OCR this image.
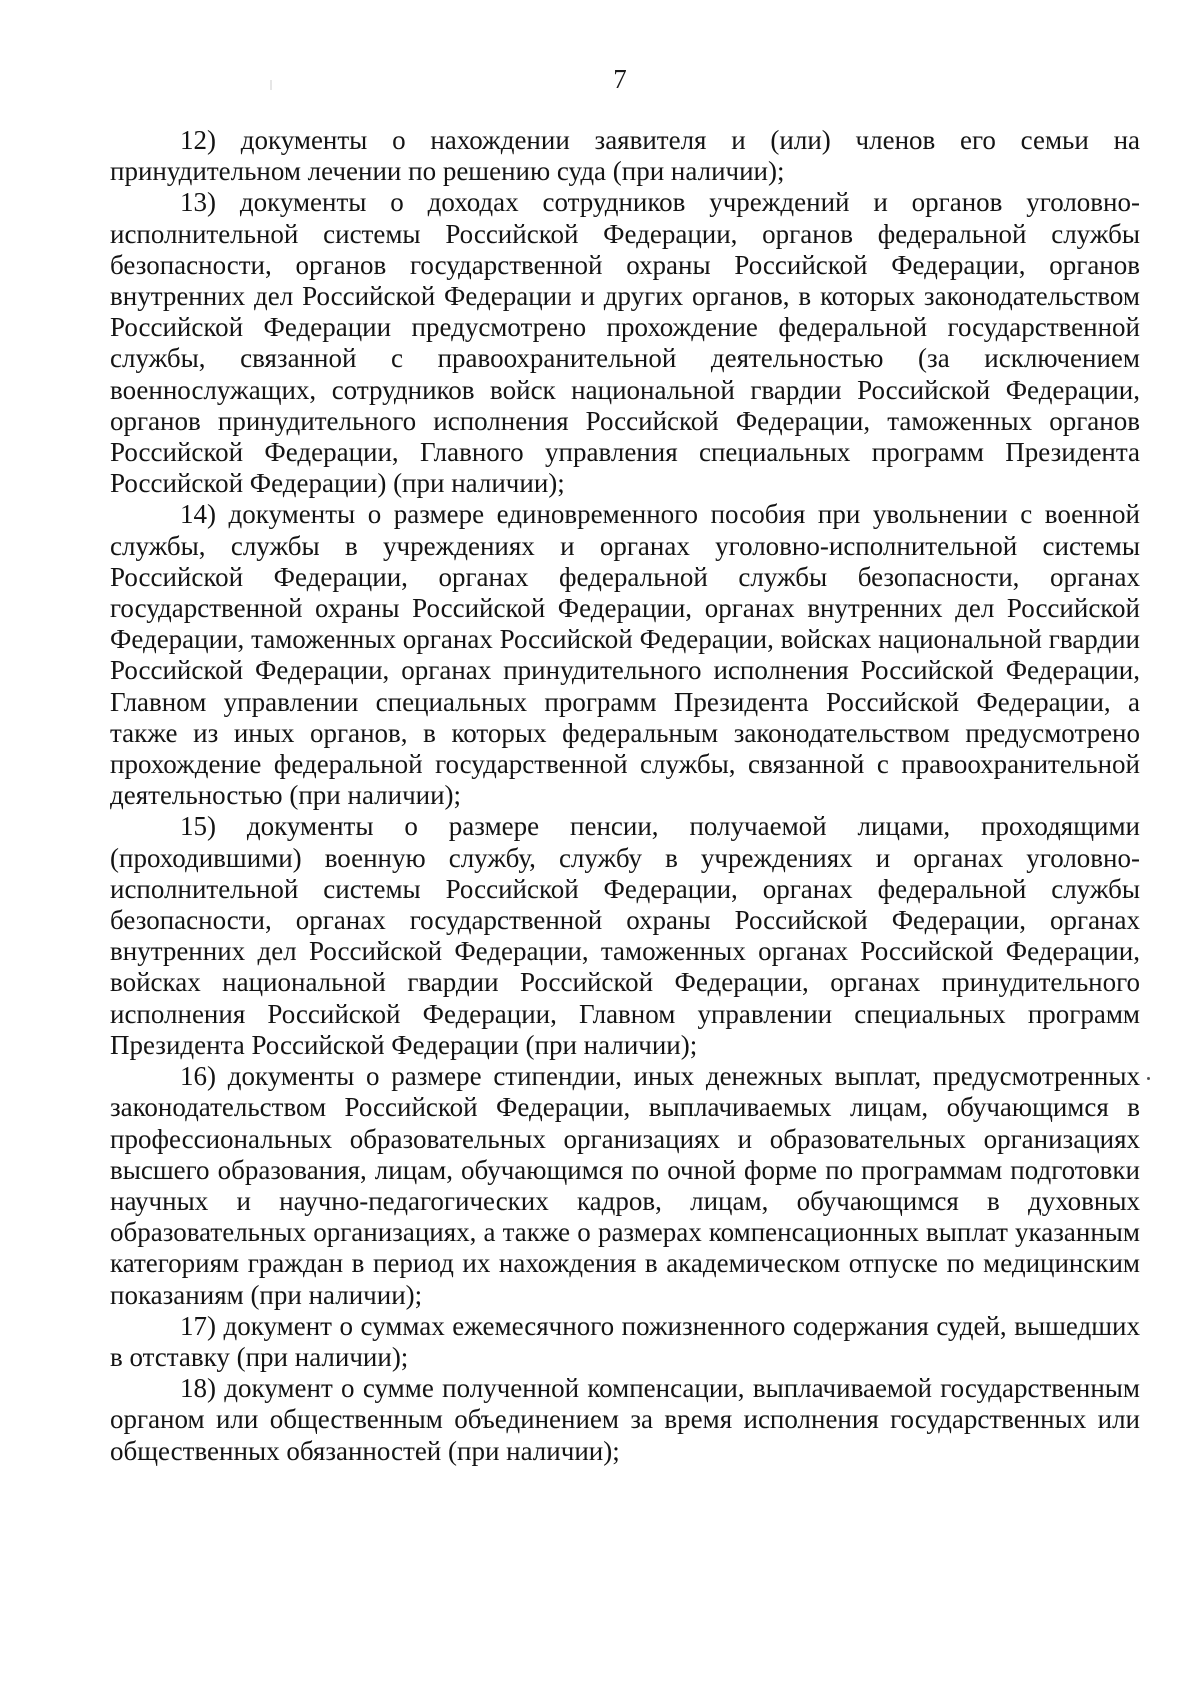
7

12) документы о нахождении заявителя и (или) членов его семьи на принудительном лечении по решению суда (при наличии);

13) документы о доходах сотрудников учреждений и органов уголовно-исполнительной системы Российской Федерации, органов федеральной службы безопасности, органов государственной охраны Российской Федерации, органов внутренних дел Российской Федерации и других органов, в которых законодательством Российской Федерации предусмотрено прохождение федеральной государственной службы, связанной с правоохранительной деятельностью (за исключением военнослужащих, сотрудников войск национальной гвардии Российской Федерации, органов принудительного исполнения Российской Федерации, таможенных органов Российской Федерации, Главного управления специальных программ Президента Российской Федерации) (при наличии);

14) документы о размере единовременного пособия при увольнении с военной службы, службы в учреждениях и органах уголовно-исполнительной системы Российской Федерации, органах федеральной службы безопасности, органах государственной охраны Российской Федерации, органах внутренних дел Российской Федерации, таможенных органах Российской Федерации, войсках национальной гвардии Российской Федерации, органах принудительного исполнения Российской Федерации, Главном управлении специальных программ Президента Российской Федерации, а также из иных органов, в которых федеральным законодательством предусмотрено прохождение федеральной государственной службы, связанной с правоохранительной деятельностью (при наличии);

15) документы о размере пенсии, получаемой лицами, проходящими (проходившими) военную службу, службу в учреждениях и органах уголовно-исполнительной системы Российской Федерации, органах федеральной службы безопасности, органах государственной охраны Российской Федерации, органах внутренних дел Российской Федерации, таможенных органах Российской Федерации, войсках национальной гвардии Российской Федерации, органах принудительного исполнения Российской Федерации, Главном управлении специальных программ Президента Российской Федерации (при наличии);

16) документы о размере стипендии, иных денежных выплат, предусмотренных законодательством Российской Федерации, выплачиваемых лицам, обучающимся в профессиональных образовательных организациях и образовательных организациях высшего образования, лицам, обучающимся по очной форме по программам подготовки научных и научно-педагогических кадров, лицам, обучающимся в духовных образовательных организациях, а также о размерах компенсационных выплат указанным категориям граждан в период их нахождения в академическом отпуске по медицинским показаниям (при наличии);

17) документ о суммах ежемесячного пожизненного содержания судей, вышедших в отставку (при наличии);

18) документ о сумме полученной компенсации, выплачиваемой государственным органом или общественным объединением за время исполнения государственных или общественных обязанностей (при наличии);
